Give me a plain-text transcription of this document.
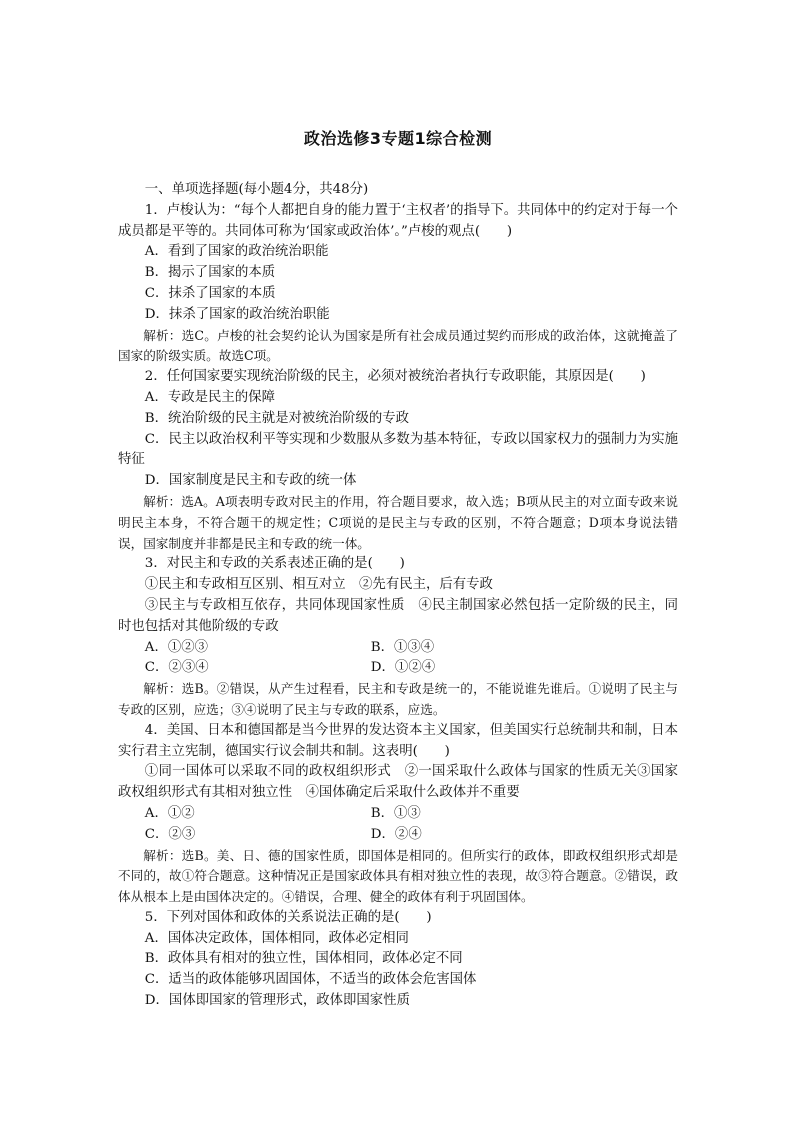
政治选修3专题1综合检测

一、单项选择题(每小题4分，共48分)

1．卢梭认为：“每个人都把自身的能力置于‘主权者’的指导下。共同体中的约定对于每一个成员都是平等的。共同体可称为‘国家或政治体’。”卢梭的观点(　　)

A．看到了国家的政治统治职能

B．揭示了国家的本质

C．抹杀了国家的本质

D．抹杀了国家的政治统治职能

解析：选C。卢梭的社会契约论认为国家是所有社会成员通过契约而形成的政治体，这就掩盖了国家的阶级实质。故选C项。

2．任何国家要实现统治阶级的民主，必须对被统治者执行专政职能，其原因是(　　)

A．专政是民主的保障

B．统治阶级的民主就是对被统治阶级的专政

C．民主以政治权利平等实现和少数服从多数为基本特征，专政以国家权力的强制力为实施特征

D．国家制度是民主和专政的统一体

解析：选A。A项表明专政对民主的作用，符合题目要求，故入选；B项从民主的对立面专政来说明民主本身，不符合题干的规定性；C项说的是民主与专政的区别，不符合题意；D项本身说法错误，国家制度并非都是民主和专政的统一体。

3．对民主和专政的关系表述正确的是(　　)

①民主和专政相互区别、相互对立　②先有民主，后有专政

③民主与专政相互依存，共同体现国家性质　④民主制国家必然包括一定阶级的民主，同时也包括对其他阶级的专政

A．①②③	B．①③④
C．②③④	D．①②④

解析：选B。②错误，从产生过程看，民主和专政是统一的，不能说谁先谁后。①说明了民主与专政的区别，应选；③④说明了民主与专政的联系，应选。

4．美国、日本和德国都是当今世界的发达资本主义国家，但美国实行总统制共和制，日本实行君主立宪制，德国实行议会制共和制。这表明(　　)

①同一国体可以采取不同的政权组织形式　②一国采取什么政体与国家的性质无关③国家政权组织形式有其相对独立性　④国体确定后采取什么政体并不重要

A．①②	B．①③
C．②③	D．②④

解析：选B。美、日、德的国家性质，即国体是相同的。但所实行的政体，即政权组织形式却是不同的，故①符合题意。这种情况正是国家政体具有相对独立性的表现，故③符合题意。②错误，政体从根本上是由国体决定的。④错误，合理、健全的政体有利于巩固国体。

5．下列对国体和政体的关系说法正确的是(　　)

A．国体决定政体，国体相同，政体必定相同

B．政体具有相对的独立性，国体相同，政体必定不同

C．适当的政体能够巩固国体，不适当的政体会危害国体

D．国体即国家的管理形式，政体即国家性质
